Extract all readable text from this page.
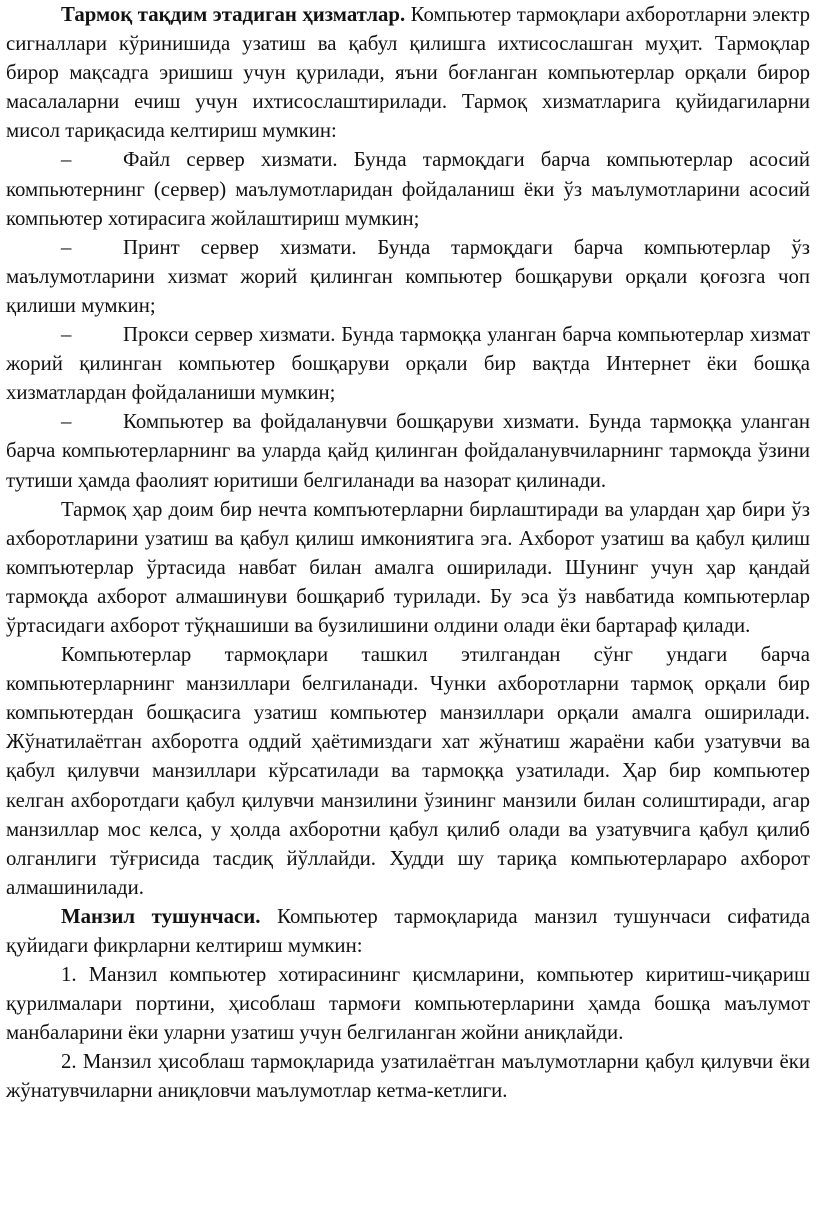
Тармоқ тақдим этадиган ҳизматлар. Компьютер тармоқлари ахборотларни электр сигналлари кўринишида узатиш ва қабул қилишга ихтисослашган муҳит. Тармоқлар бирор мақсадга эришиш учун қурилади, яъни боғланган компьютерлар орқали бирор масалаларни ечиш учун ихтисослаштирилади. Тармоқ хизматларига қуйидагиларни мисол тариқасида келтириш мумкин:

– Файл сервер хизмати. Бунда тармоқдаги барча компьютерлар асосий компьютернинг (сервер) маълумотларидан фойдаланиш ёки ўз маълумотларини асосий компьютер хотирасига жойлаштириш мумкин;

– Принт сервер хизмати. Бунда тармоқдаги барча компьютерлар ўз маълумотларини хизмат жорий қилинган компьютер бошқаруви орқали қоғозга чоп қилиши мумкин;

– Прокси сервер хизмати. Бунда тармоққа уланган барча компьютерлар хизмат жорий қилинган компьютер бошқаруви орқали бир вақтда Интернет ёки бошқа хизматлардан фойдаланиши мумкин;

– Компьютер ва фойдаланувчи бошқаруви хизмати. Бунда тармоққа уланган барча компьютерларнинг ва уларда қайд қилинган фойдаланувчиларнинг тармоқда ўзини тутиши ҳамда фаолият юритиши белгиланади ва назорат қилинади.

Тармоқ ҳар доим бир нечта компъютерларни бирлаштиради ва улардан ҳар бири ўз ахборотларини узатиш ва қабул қилиш имкониятига эга. Ахборот узатиш ва қабул қилиш компъютерлар ўртасида навбат билан амалга оширилади. Шунинг учун ҳар қандай тармоқда ахборот алмашинуви бошқариб турилади. Бу эса ўз навбатида компьютерлар ўртасидаги ахборот тўқнашиши ва бузилишини олдини олади ёки бартараф қилади.

Компьютерлар тармоқлари ташкил этилгандан сўнг ундаги барча компьютерларнинг манзиллари белгиланади. Чунки ахборотларни тармоқ орқали бир компьютердан бошқасига узатиш компьютер манзиллари орқали амалга оширилади. Жўнатилаётган ахборотга оддий ҳаётимиздаги хат жўнатиш жараёни каби узатувчи ва қабул қилувчи манзиллари кўрсатилади ва тармоққа узатилади. Ҳар бир компьютер келган ахборотдаги қабул қилувчи манзилини ўзининг манзили билан солиштиради, агар манзиллар мос келса, у ҳолда ахборотни қабул қилиб олади ва узатувчига қабул қилиб олганлиги тўғрисида тасдиқ йўллайди. Худди шу тариқа компьютерлараро ахборот алмашинилади.

Манзил тушунчаси. Компьютер тармоқларида манзил тушунчаси сифатида қуйидаги фикрларни келтириш мумкин:

1. Манзил компьютер хотирасининг қисмларини, компьютер киритиш-чиқариш қурилмалари портини, ҳисоблаш тармоғи компьютерларини ҳамда бошқа маълумот манбаларини ёки уларни узатиш учун белгиланган жойни аниқлайди.

2. Манзил ҳисоблаш тармоқларида узатилаётган маълумотларни қабул қилувчи ёки жўнатувчиларни аниқловчи маълумотлар кетма-кетлиги.
